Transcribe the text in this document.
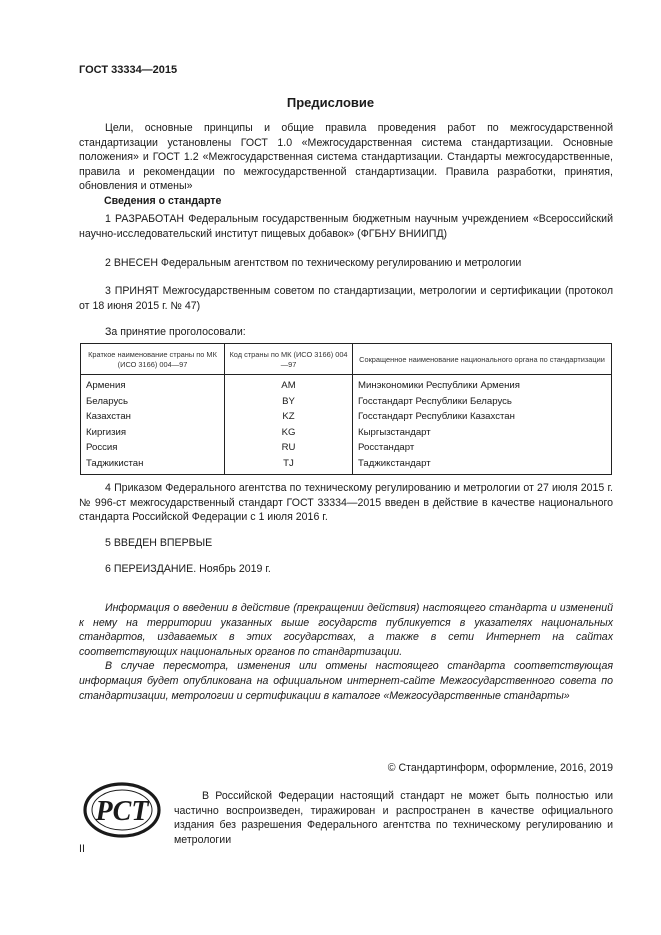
ГОСТ 33334—2015
Предисловие

Цели, основные принципы и общие правила проведения работ по межгосударственной стандартизации установлены ГОСТ 1.0 «Межгосударственная система стандартизации. Основные положения» и ГОСТ 1.2 «Межгосударственная система стандартизации. Стандарты межгосударственные, правила и рекомендации по межгосударственной стандартизации. Правила разработки, принятия, обновления и отмены»

Сведения о стандарте

1 РАЗРАБОТАН Федеральным государственным бюджетным научным учреждением «Всероссийский научно-исследовательский институт пищевых добавок» (ФГБНУ ВНИИПД)

2 ВНЕСЕН Федеральным агентством по техническому регулированию и метрологии

3 ПРИНЯТ Межгосударственным советом по стандартизации, метрологии и сертификации (протокол от 18 июня 2015 г. № 47)

За принятие проголосовали:
Краткое наименование страны по МК (ИСО 3166) 004—97	Код страны по МК (ИСО 3166) 004—97	Сокращенное наименование национального органа по стандартизации
Армения	AM	Минэкономики Республики Армения
Беларусь	BY	Госстандарт Республики Беларусь
Казахстан	KZ	Госстандарт Республики Казахстан
Киргизия	KG	Кыргызстандарт
Россия	RU	Росстандарт
Таджикистан	TJ	Таджикстандарт

4 Приказом Федерального агентства по техническому регулированию и метрологии от 27 июля 2015 г. № 996-ст межгосударственный стандарт ГОСТ 33334—2015 введен в действие в качестве национального стандарта Российской Федерации с 1 июля 2016 г.

5 ВВЕДЕН ВПЕРВЫЕ
6 ПЕРЕИЗДАНИЕ. Ноябрь 2019 г.

Информация о введении в действие (прекращении действия) настоящего стандарта и изменений к нему на территории указанных выше государств публикуется в указателях национальных стандартов, издаваемых в этих государствах, а также в сети Интернет на сайтах соответствующих национальных органов по стандартизации.

В случае пересмотра, изменения или отмены настоящего стандарта соответствующая информация будет опубликована на официальном интернет-сайте Межгосударственного совета по стандартизации, метрологии и сертификации в каталоге «Межгосударственные стандарты»

© Стандартинформ, оформление, 2016, 2019
РСТ	В Российской Федерации настоящий стандарт не может быть полностью или частично воспроизведен, тиражирован и распространен в качестве официального издания без разрешения Федерального агентства по техническому регулированию и метрологии

II
